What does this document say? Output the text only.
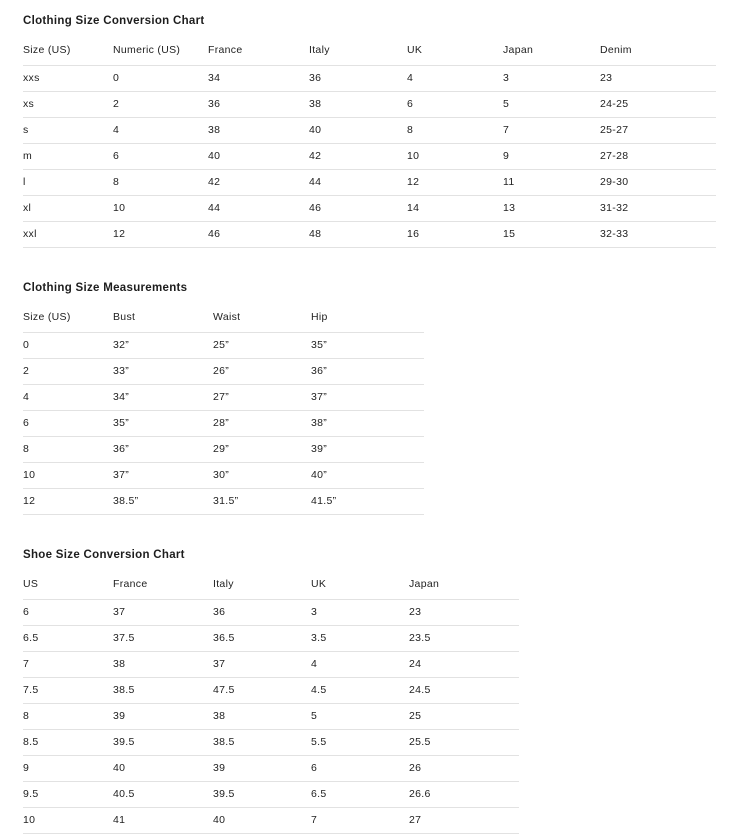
Clothing Size Conversion Chart
Size (US)	Numeric (US)	France	Italy	UK	Japan	Denim
xxs	0	34	36	4	3	23
xs	2	36	38	6	5	24-25
s	4	38	40	8	7	25-27
m	6	40	42	10	9	27-28
l	8	42	44	12	11	29-30
xl	10	44	46	14	13	31-32
xxl	12	46	48	16	15	32-33
Clothing Size Measurements
Size (US)	Bust	Waist	Hip
0	32”	25”	35”
2	33”	26”	36”
4	34”	27”	37”
6	35”	28”	38”
8	36”	29”	39”
10	37”	30”	40”
12	38.5”	31.5”	41.5”
Shoe Size Conversion Chart
US	France	Italy	UK	Japan
6	37	36	3	23
6.5	37.5	36.5	3.5	23.5
7	38	37	4	24
7.5	38.5	47.5	4.5	24.5
8	39	38	5	25
8.5	39.5	38.5	5.5	25.5
9	40	39	6	26
9.5	40.5	39.5	6.5	26.6
10	41	40	7	27
